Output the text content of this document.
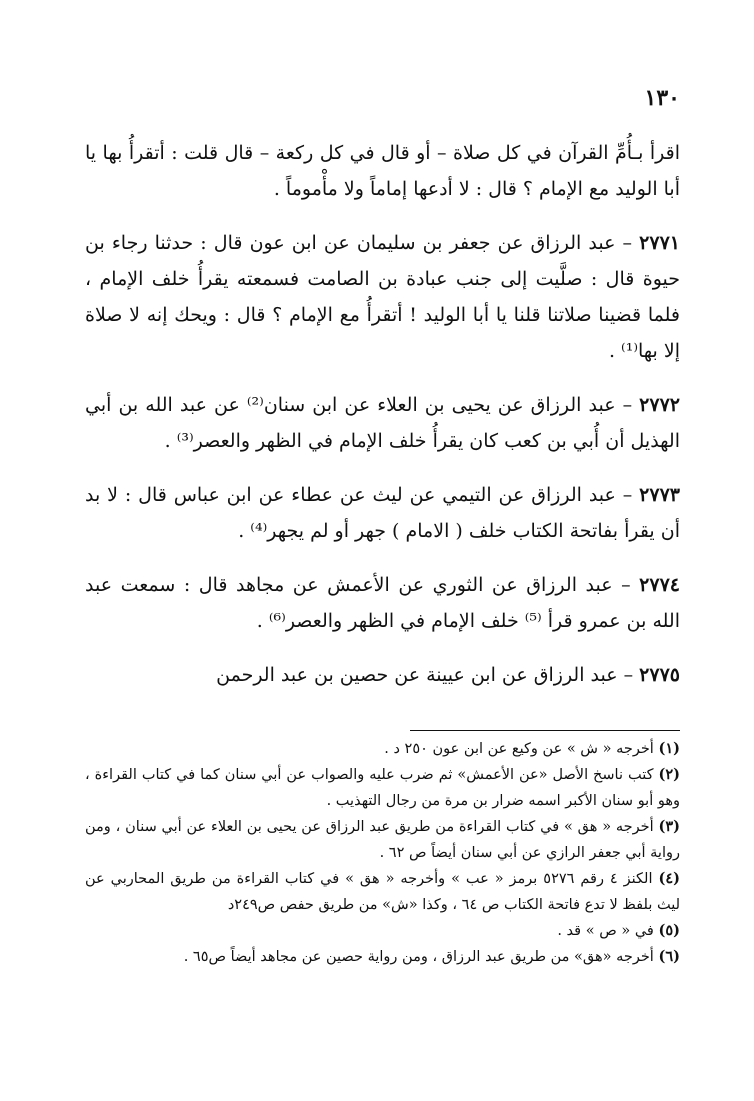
١٣٠

اقرأ بـأُمِّ القرآن في كل صلاة – أو قال في كل ركعة – قال قلت : أتقرأُ بها يا أبا الوليد مع الإمام ؟ قال : لا أدعها إماماً ولا مأْموماً .

٢٧٧١ – عبد الرزاق عن جعفر بن سليمان عن ابن عون قال : حدثنا رجاء بن حيوة قال : صلَّيت إلى جنب عبادة بن الصامت فسمعته يقرأُ خلف الإمام ، فلما قضينا صلاتنا قلنا يا أبا الوليد ! أتقرأُ مع الإمام ؟ قال : ويحك إنه لا صلاة إلا بها⁽¹⁾ .

٢٧٧٢ – عبد الرزاق عن يحيى بن العلاء عن ابن سنان⁽²⁾ عن عبد الله بن أبي الهذيل أن أُبي بن كعب كان يقرأُ خلف الإمام في الظهر والعصر⁽³⁾ .

٢٧٧٣ – عبد الرزاق عن التيمي عن ليث عن عطاء عن ابن عباس قال : لا بد أن يقرأ بفاتحة الكتاب خلف ( الامام ) جهر أو لم يجهر⁽⁴⁾ .

٢٧٧٤ – عبد الرزاق عن الثوري عن الأعمش عن مجاهد قال : سمعت عبد الله بن عمرو قرأ ⁽⁵⁾ خلف الإمام في الظهر والعصر⁽⁶⁾ .

٢٧٧٥ – عبد الرزاق عن ابن عيينة عن حصين بن عبد الرحمن

(١) أخرجه « ش » عن وكيع عن ابن عون ٢٥٠ د .

(٢) كتب ناسخ الأصل «عن الأعمش» ثم ضرب عليه والصواب عن أبي سنان كما في كتاب القراءة ، وهو أبو سنان الأكبر اسمه ضرار بن مرة من رجال التهذيب .

(٣) أخرجه « هق » في كتاب القراءة من طريق عبد الرزاق عن يحيى بن العلاء عن أبي سنان ، ومن رواية أبي جعفر الرازي عن أبي سنان أيضاً ص ٦٢ .

(٤) الكنز ٤ رقم ٥٢٧٦ برمز « عب » وأخرجه « هق » في كتاب القراءة من طريق المحاربي عن ليث بلفظ لا تدع فاتحة الكتاب ص ٦٤ ، وكذا «ش» من طريق حفص ص٢٤٩د

(٥) في « ص » قد .

(٦) أخرجه «هق» من طريق عبد الرزاق ، ومن رواية حصين عن مجاهد أيضاً ص٦٥ .
